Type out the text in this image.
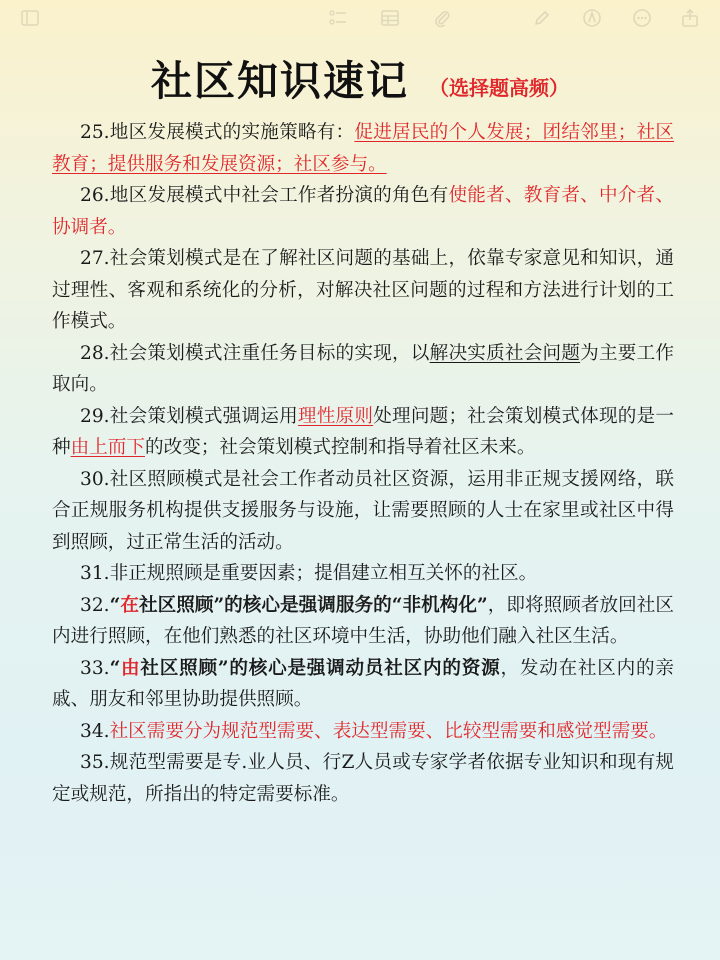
社区知识速记 （选择题高频）

25.地区发展模式的实施策略有：促进居民的个人发展；团结邻里；社区教育；提供服务和发展资源；社区参与。

26.地区发展模式中社会工作者扮演的角色有使能者、教育者、中介者、协调者。

27.社会策划模式是在了解社区问题的基础上，依靠专家意见和知识，通过理性、客观和系统化的分析，对解决社区问题的过程和方法进行计划的工作模式。

28.社会策划模式注重任务目标的实现，以解决实质社会问题为主要工作取向。

29.社会策划模式强调运用理性原则处理问题；社会策划模式体现的是一种由上而下的改变；社会策划模式控制和指导着社区未来。

30.社区照顾模式是社会工作者动员社区资源，运用非正规支援网络，联合正规服务机构提供支援服务与设施，让需要照顾的人士在家里或社区中得到照顾，过正常生活的活动。

31.非正规照顾是重要因素；提倡建立相互关怀的社区。

32.“在社区照顾”的核心是强调服务的“非机构化”，即将照顾者放回社区内进行照顾，在他们熟悉的社区环境中生活，协助他们融入社区生活。

33.“由社区照顾”的核心是强调动员社区内的资源，发动在社区内的亲戚、朋友和邻里协助提供照顾。

34.社区需要分为规范型需要、表达型需要、比较型需要和感觉型需要。

35.规范型需要是专.业人员、行Z人员或专家学者依据专业知识和现有规定或规范，所指出的特定需要标准。
